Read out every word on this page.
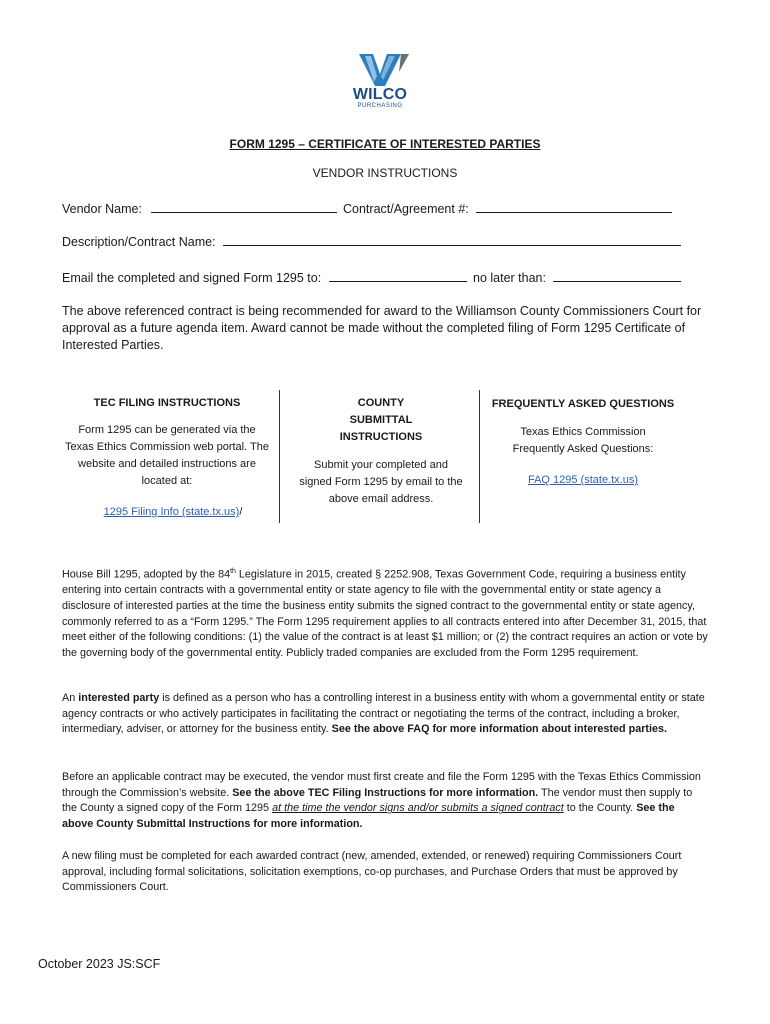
WILCO
PURCHASING
FORM 1295 – CERTIFICATE OF INTERESTED PARTIES
VENDOR INSTRUCTIONS
Vendor Name:	Contract/Agreement #:
Description/Contract Name:
Email the completed and signed Form 1295 to:	no later than:
The above referenced contract is being recommended for award to the Williamson County Commissioners Court for approval as a future agenda item. Award cannot be made without the completed filing of Form 1295 Certificate of Interested Parties.
TEC FILING INSTRUCTIONS
Form 1295 can be generated via the Texas Ethics Commission web portal. The website and detailed instructions are located at:
1295 Filing Info (state.tx.us)/
COUNTY SUBMITTAL INSTRUCTIONS
Submit your completed and signed Form 1295 by email to the above email address.
FREQUENTLY ASKED QUESTIONS
Texas Ethics Commission Frequently Asked Questions:
FAQ 1295 (state.tx.us)
House Bill 1295, adopted by the 84th Legislature in 2015, created § 2252.908, Texas Government Code, requiring a business entity entering into certain contracts with a governmental entity or state agency to file with the governmental entity or state agency a disclosure of interested parties at the time the business entity submits the signed contract to the governmental entity or state agency, commonly referred to as a “Form 1295.” The Form 1295 requirement applies to all contracts entered into after December 31, 2015, that meet either of the following conditions: (1) the value of the contract is at least $1 million; or (2) the contract requires an action or vote by the governing body of the governmental entity. Publicly traded companies are excluded from the Form 1295 requirement.
An interested party is defined as a person who has a controlling interest in a business entity with whom a governmental entity or state agency contracts or who actively participates in facilitating the contract or negotiating the terms of the contract, including a broker, intermediary, adviser, or attorney for the business entity. See the above FAQ for more information about interested parties.
Before an applicable contract may be executed, the vendor must first create and file the Form 1295 with the Texas Ethics Commission through the Commission’s website. See the above TEC Filing Instructions for more information. The vendor must then supply to the County a signed copy of the Form 1295 at the time the vendor signs and/or submits a signed contract to the County. See the above County Submittal Instructions for more information.
A new filing must be completed for each awarded contract (new, amended, extended, or renewed) requiring Commissioners Court approval, including formal solicitations, solicitation exemptions, co-op purchases, and Purchase Orders that must be approved by Commissioners Court.
October 2023 JS:SCF
